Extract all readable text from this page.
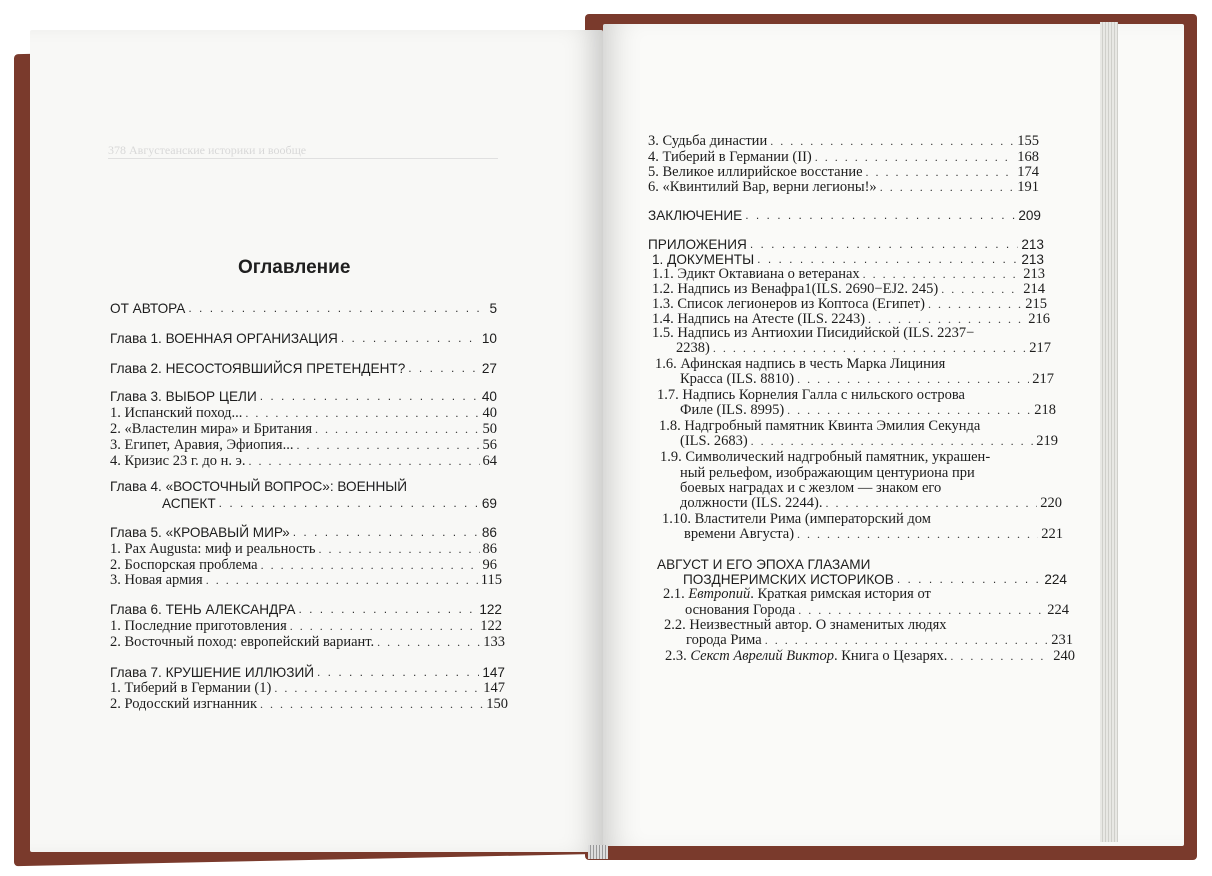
378 Августеанские историки и вообще
Оглавление
ОТ АВТОРА . . .	5
Глава 1. ВОЕННАЯ ОРГАНИЗАЦИЯ . . .	10
Глава 2. НЕСОСТОЯВШИЙСЯ ПРЕТЕНДЕНТ? . . .	27
Глава 3. ВЫБОР ЦЕЛИ . . .	40
1. Испанский поход... . . .	40
2. «Властелин мира» и Британия . . .	50
3. Египет, Аравия, Эфиопия... . . .	56
4. Кризис 23 г. до н. э. . . .	64
Глава 4. «ВОСТОЧНЫЙ ВОПРОС»: ВОЕННЫЙ
АСПЕКТ . . .	69
Глава 5. «КРОВАВЫЙ МИР» . . .	86
1. Pax Augusta: миф и реальность . . .	86
2. Боспорская проблема . . .	96
3. Новая армия . . .	115
Глава 6. ТЕНЬ АЛЕКСАНДРА . . .	122
1. Последние приготовления . . .	122
2. Восточный поход: европейский вариант. . . .	133
Глава 7. КРУШЕНИЕ ИЛЛЮЗИЙ . . .	147
1. Тиберий в Германии (1) . . .	147
2. Родосский изгнанник . . .	150
3. Судьба династии . . .	155
4. Тиберий в Германии (II) . . .	168
5. Великое иллирийское восстание . . .	174
6. «Квинтилий Вар, верни легионы!» . . .	191
ЗАКЛЮЧЕНИЕ . . .	209
ПРИЛОЖЕНИЯ . . .	213
1. ДОКУМЕНТЫ . . .	213
1.1. Эдикт Октавиана о ветеранах . . .	213
1.2. Надпись из Венафра1(ILS. 2690−EJ2. 245) . . .	214
1.3. Список легионеров из Коптоса (Египет) . . .	215
1.4. Надпись на Атесте (ILS. 2243) . . .	216
1.5. Надпись из Антиохии Писидийской (ILS. 2237−
2238) . . .	217
1.6. Афинская надпись в честь Марка Лициния
Красса (ILS. 8810) . . .	217
1.7. Надпись Корнелия Галла с нильского острова
Филе (ILS. 8995) . . .	218
1.8. Надгробный памятник Квинта Эмилия Секунда
(ILS. 2683) . . .	219
1.9. Символический надгробный памятник, украшен-
ный рельефом, изображающим центуриона при
боевых наградах и с жезлом — знаком его
должности (ILS. 2244). . . .	220
1.10. Властители Рима (императорский дом
времени Августа) . . .	221
АВГУСТ И ЕГО ЭПОХА ГЛАЗАМИ
ПОЗДНЕРИМСКИХ ИСТОРИКОВ . . .	224
2.1. Евтропий. Краткая римская история от
основания Города . . .	224
2.2. Неизвестный автор. О знаменитых людях
города Рима . . .	231
2.3. Секст Аврелий Виктор. Книга о Цезарях. . . .	240
